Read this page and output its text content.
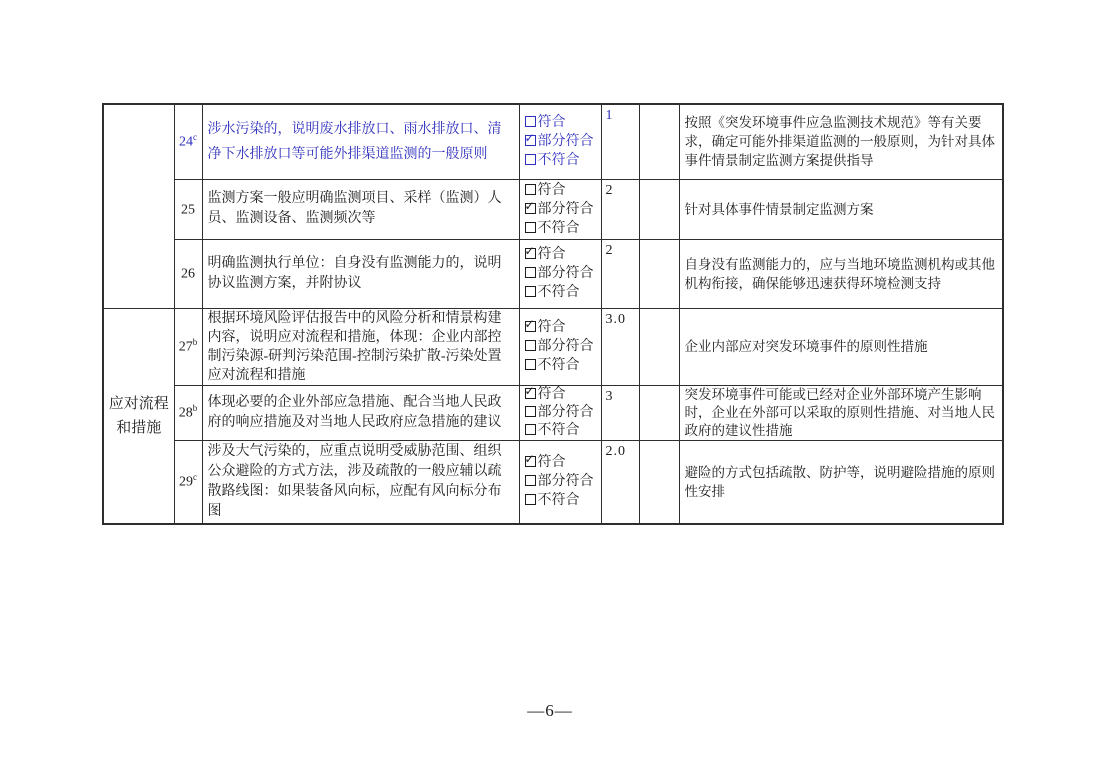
	24$^c$	涉水污染的，说明废水排放口、雨水排放口、清净下水排放口等可能外排渠道监测的一般原则	符合
✓部分符合
不符合	1		按照《突发环境事件应急监测技术规范》等有关要求，确定可能外排渠道监测的一般原则，为针对具体事件情景制定监测方案提供指导
	25	监测方案一般应明确监测项目、采样（监测）人员、监测设备、监测频次等	符合
✓部分符合
不符合	2		针对具体事件情景制定监测方案
	26	明确监测执行单位：自身没有监测能力的，说明协议监测方案，并附协议	
✓符合
部分符合
不符合	2		自身没有监测能力的，应与当地环境监测机构或其他机构衔接，确保能够迅速获得环境检测支持
应对流程和措施	27$^b$	根据环境风险评估报告中的风险分析和情景构建内容，说明应对流程和措施，体现：企业内部控制污染源-研判污染范围-控制污染扩散-污染处置应对流程和措施	
✓符合
部分符合
不符合	3.0		企业内部应对突发环境事件的原则性措施
	28$^b$	体现必要的企业外部应急措施、配合当地人民政府的响应措施及对当地人民政府应急措施的建议	
✓符合
部分符合
不符合	3		突发环境事件可能或已经对企业外部环境产生影响时，企业在外部可以采取的原则性措施、对当地人民政府的建议性措施
	29$^c$	涉及大气污染的，应重点说明受威胁范围、组织公众避险的方式方法，涉及疏散的一般应辅以疏散路线图：如果装备风向标，应配有风向标分布图	
✓符合
部分符合
不符合	2.0		避险的方式包括疏散、防护等，说明避险措施的原则性安排
—6—
